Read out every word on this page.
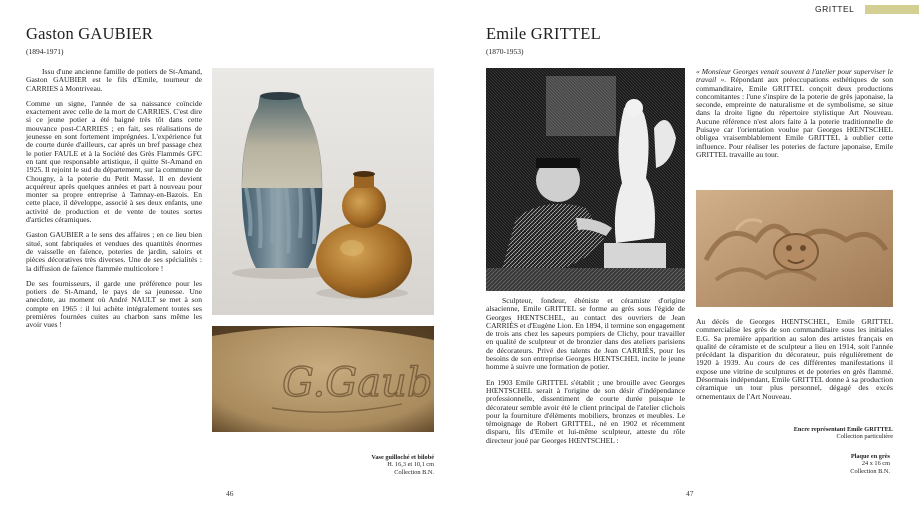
GRITTEL
Gaston GAUBIER
(1894-1971)

Issu d'une ancienne famille de potiers de St-Amand, Gaston GAUBIER est le fils d'Emile, tourneur de CARRIES à Montriveau.

Comme un signe, l'année de sa naissance coïncide exactement avec celle de la mort de CARRIES. C'est dire si ce jeune potier a été baigné très tôt dans cette mouvance post-CARRIES ; en fait, ses réalisations de jeunesse en sont fortement imprégnées. L'expérience fut de courte durée d'ailleurs, car après un bref passage chez le potier FAULE et à la Société des Grès Flammés GFC en tant que responsable artistique, il quitte St-Amand en 1925. Il rejoint le sud du département, sur la commune de Chougny, à la poterie du Petit Massé. Il en devient acquéreur après quelques années et part à nouveau pour monter sa propre entreprise à Tamnay-en-Bazois. En cette place, il développe, associé à ses deux enfants, une activité de production et de vente de toutes sortes d'articles céramiques.

Gaston GAUBIER a le sens des affaires ; en ce lieu bien situé, sont fabriquées et vendues des quantités énormes de vaisselle en faïence, poteries de jardin, saloirs et pièces décoratives très diverses. Une de ses spécialités : la diffusion de faïence flammée multicolore !

De ses fournisseurs, il garde une préférence pour les potiers de St-Amand, le pays de sa jeunesse. Une anecdote, au moment où André NAULT se met à son compte en 1965 : il lui achète intégralement toutes ses premières fournées cuites au charbon sans même les avoir vues !

G.Gaub
Vase guilloché et bilobé
H. 16,3 et 10,1 cm
Collection B.N.
46
Emile GRITTEL
(1870-1953)

Sculpteur, fondeur, ébéniste et céramiste d'origine alsacienne, Emile GRITTEL se forme au grès sous l'égide de Georges HŒNTSCHEL, au contact des ouvriers de Jean CARRIÈS et d'Eugène Lion. En 1894, il termine son engagement de trois ans chez les sapeurs pompiers de Clichy, pour travailler en qualité de sculpteur et de bronzier dans des ateliers parisiens de décorateurs. Privé des talents de Jean CARRIÈS, pour les besoins de son entreprise Georges HŒNTSCHEL incite le jeune homme à suivre une formation de potier.

En 1903 Emile GRITTEL s'établit ; une brouille avec Georges HŒNTSCHEL serait à l'origine de son désir d'indépendance professionnelle, dissentiment de courte durée puisque le décorateur semble avoir été le client principal de l'atelier clichois pour la fourniture d'éléments mobiliers, bronzes et meubles. Le témoignage de Robert GRITTEL, né en 1902 et récemment disparu, fils d'Emile et lui-même sculpteur, atteste du rôle directeur joué par Georges HŒNTSCHEL :

« Monsieur Georges venait souvent à l'atelier pour superviser le travail ». Répondant aux préoccupations esthétiques de son commanditaire, Emile GRITTEL conçoit deux productions concomitantes : l'une s'inspire de la poterie de grès japonaise, la seconde, empreinte de naturalisme et de symbolisme, se situe dans la droite ligne du répertoire stylistique Art Nouveau. Aucune référence n'est alors faite à la poterie traditionnelle de Puisaye car l'orientation voulue par Georges HŒNTSCHEL obligea vraisemblablement Emile GRITTEL à oublier cette influence. Pour réaliser les poteries de facture japonaise, Emile GRITTEL travaille au tour.

Au décès de Georges HŒNTSCHEL, Emile GRITTEL commercialise les grès de son commanditaire sous les initiales E.G. Sa première apparition au salon des artistes français en qualité de céramiste et de sculpteur a lieu en 1914, soit l'année précédant la disparition du décorateur, puis régulièrement de 1920 à 1939. Au cours de ces différentes manifestations il expose une vitrine de sculptures et de poteries en grès flammé. Désormais indépendant, Emile GRITTEL donne à sa production céramique un tour plus personnel, dégagé des excès ornementaux de l'Art Nouveau.

Encre représentant Emile GRITTEL
Collection particulière
Plaque en grès
24 x 16 cm
Collection B.N.
47
